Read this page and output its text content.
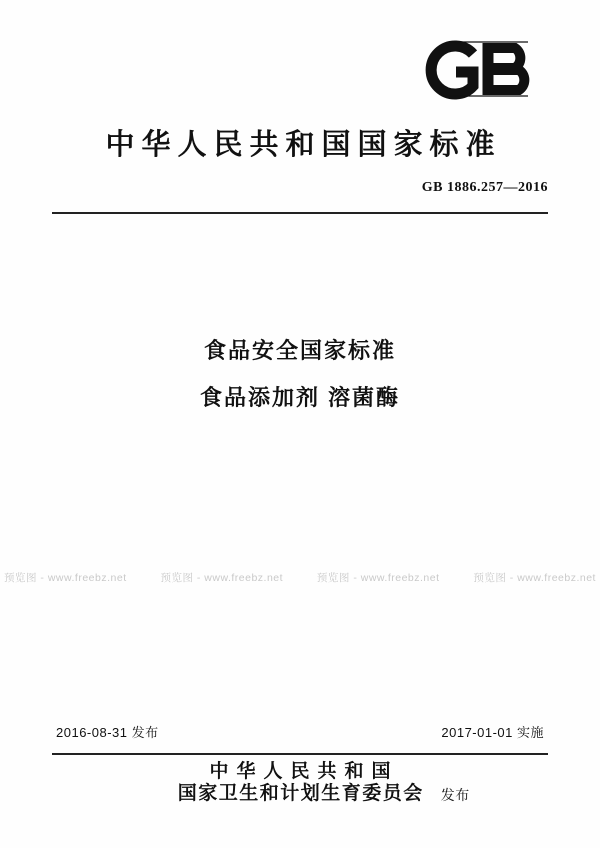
中华人民共和国国家标准
GB 1886.257—2016
食品安全国家标准
食品添加剂 溶菌酶
预览图 - www.freebz.net	预览图 - www.freebz.net	预览图 - www.freebz.net	预览图 - www.freebz.net
2016-08-31 发布	2017-01-01 实施
中华人民共和国
国家卫生和计划生育委员会 发布
